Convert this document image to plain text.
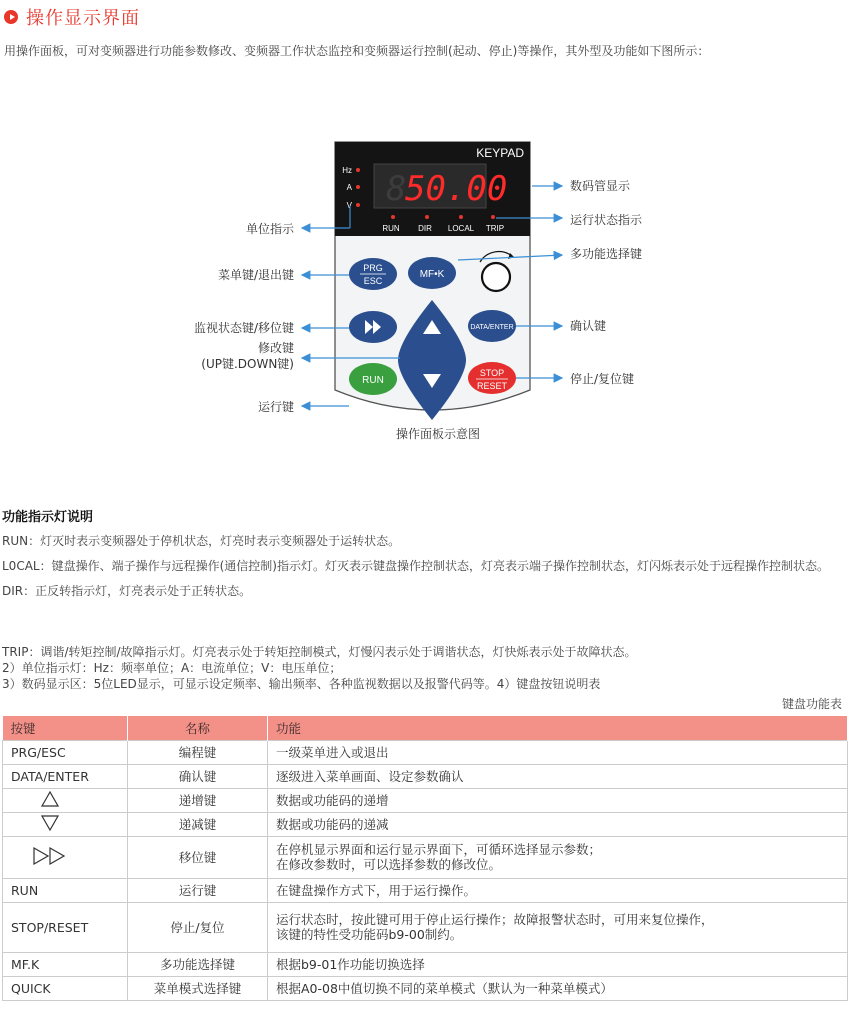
操作显示界面
用操作面板，可对变频器进行功能参数修改、变频器工作状态监控和变频器运行控制(起动、停止)等操作，其外型及功能如下图所示：
KEYPAD
Hz
A
V 8
50.00
RUN DIR LOCAL TRIP
PRG
ESC
MF•K
DATA/ENTER
RUN
STOP
RESET
数码管显示
运行状态指示
多功能选择键
确认键
停止/复位键
单位指示
菜单键/退出键
监视状态键/移位键
修改键
(UP键.DOWN键)
运行键
操作面板示意图
功能指示灯说明
RUN：灯灭时表示变频器处于停机状态，灯亮时表示变频器处于运转状态。
L0CAL：键盘操作、端子操作与远程操作(通信控制)指示灯。灯灭表示键盘操作控制状态，灯亮表示端子操作控制状态，灯闪烁表示处于远程操作控制状态。
DIR：正反转指示灯，灯亮表示处于正转状态。
TRIP：调谐/转矩控制/故障指示灯。灯亮表示处于转矩控制模式，灯慢闪表示处于调谐状态，灯快烁表示处于故障状态。
2）单位指示灯：Hz：频率单位；A：电流单位；V：电压单位；
3）数码显示区：5位LED显示，可显示设定频率、输出频率、各种监视数据以及报警代码等。4）键盘按钮说明表
键盘功能表
按键	名称	功能
PRG/ESC	编程键	一级菜单进入或退出
DATA/ENTER	确认键	逐级进入菜单画面、设定参数确认
	递增键	数据或功能码的递增
	递减键	数据或功能码的递减
	移位键	在停机显示界面和运行显示界面下，可循环选择显示参数；
在修改参数时，可以选择参数的修改位。

RUN	运行键	在键盘操作方式下，用于运行操作。
STOP/RESET	停止/复位	运行状态时，按此键可用于停止运行操作；故障报警状态时，可用来复位操作，
该键的特性受功能码b9-00制约。

MF.K	多功能选择键	根据b9-01作功能切换选择
QUICK	菜单模式选择键	根据A0-08中值切换不同的菜单模式（默认为一种菜单模式）
